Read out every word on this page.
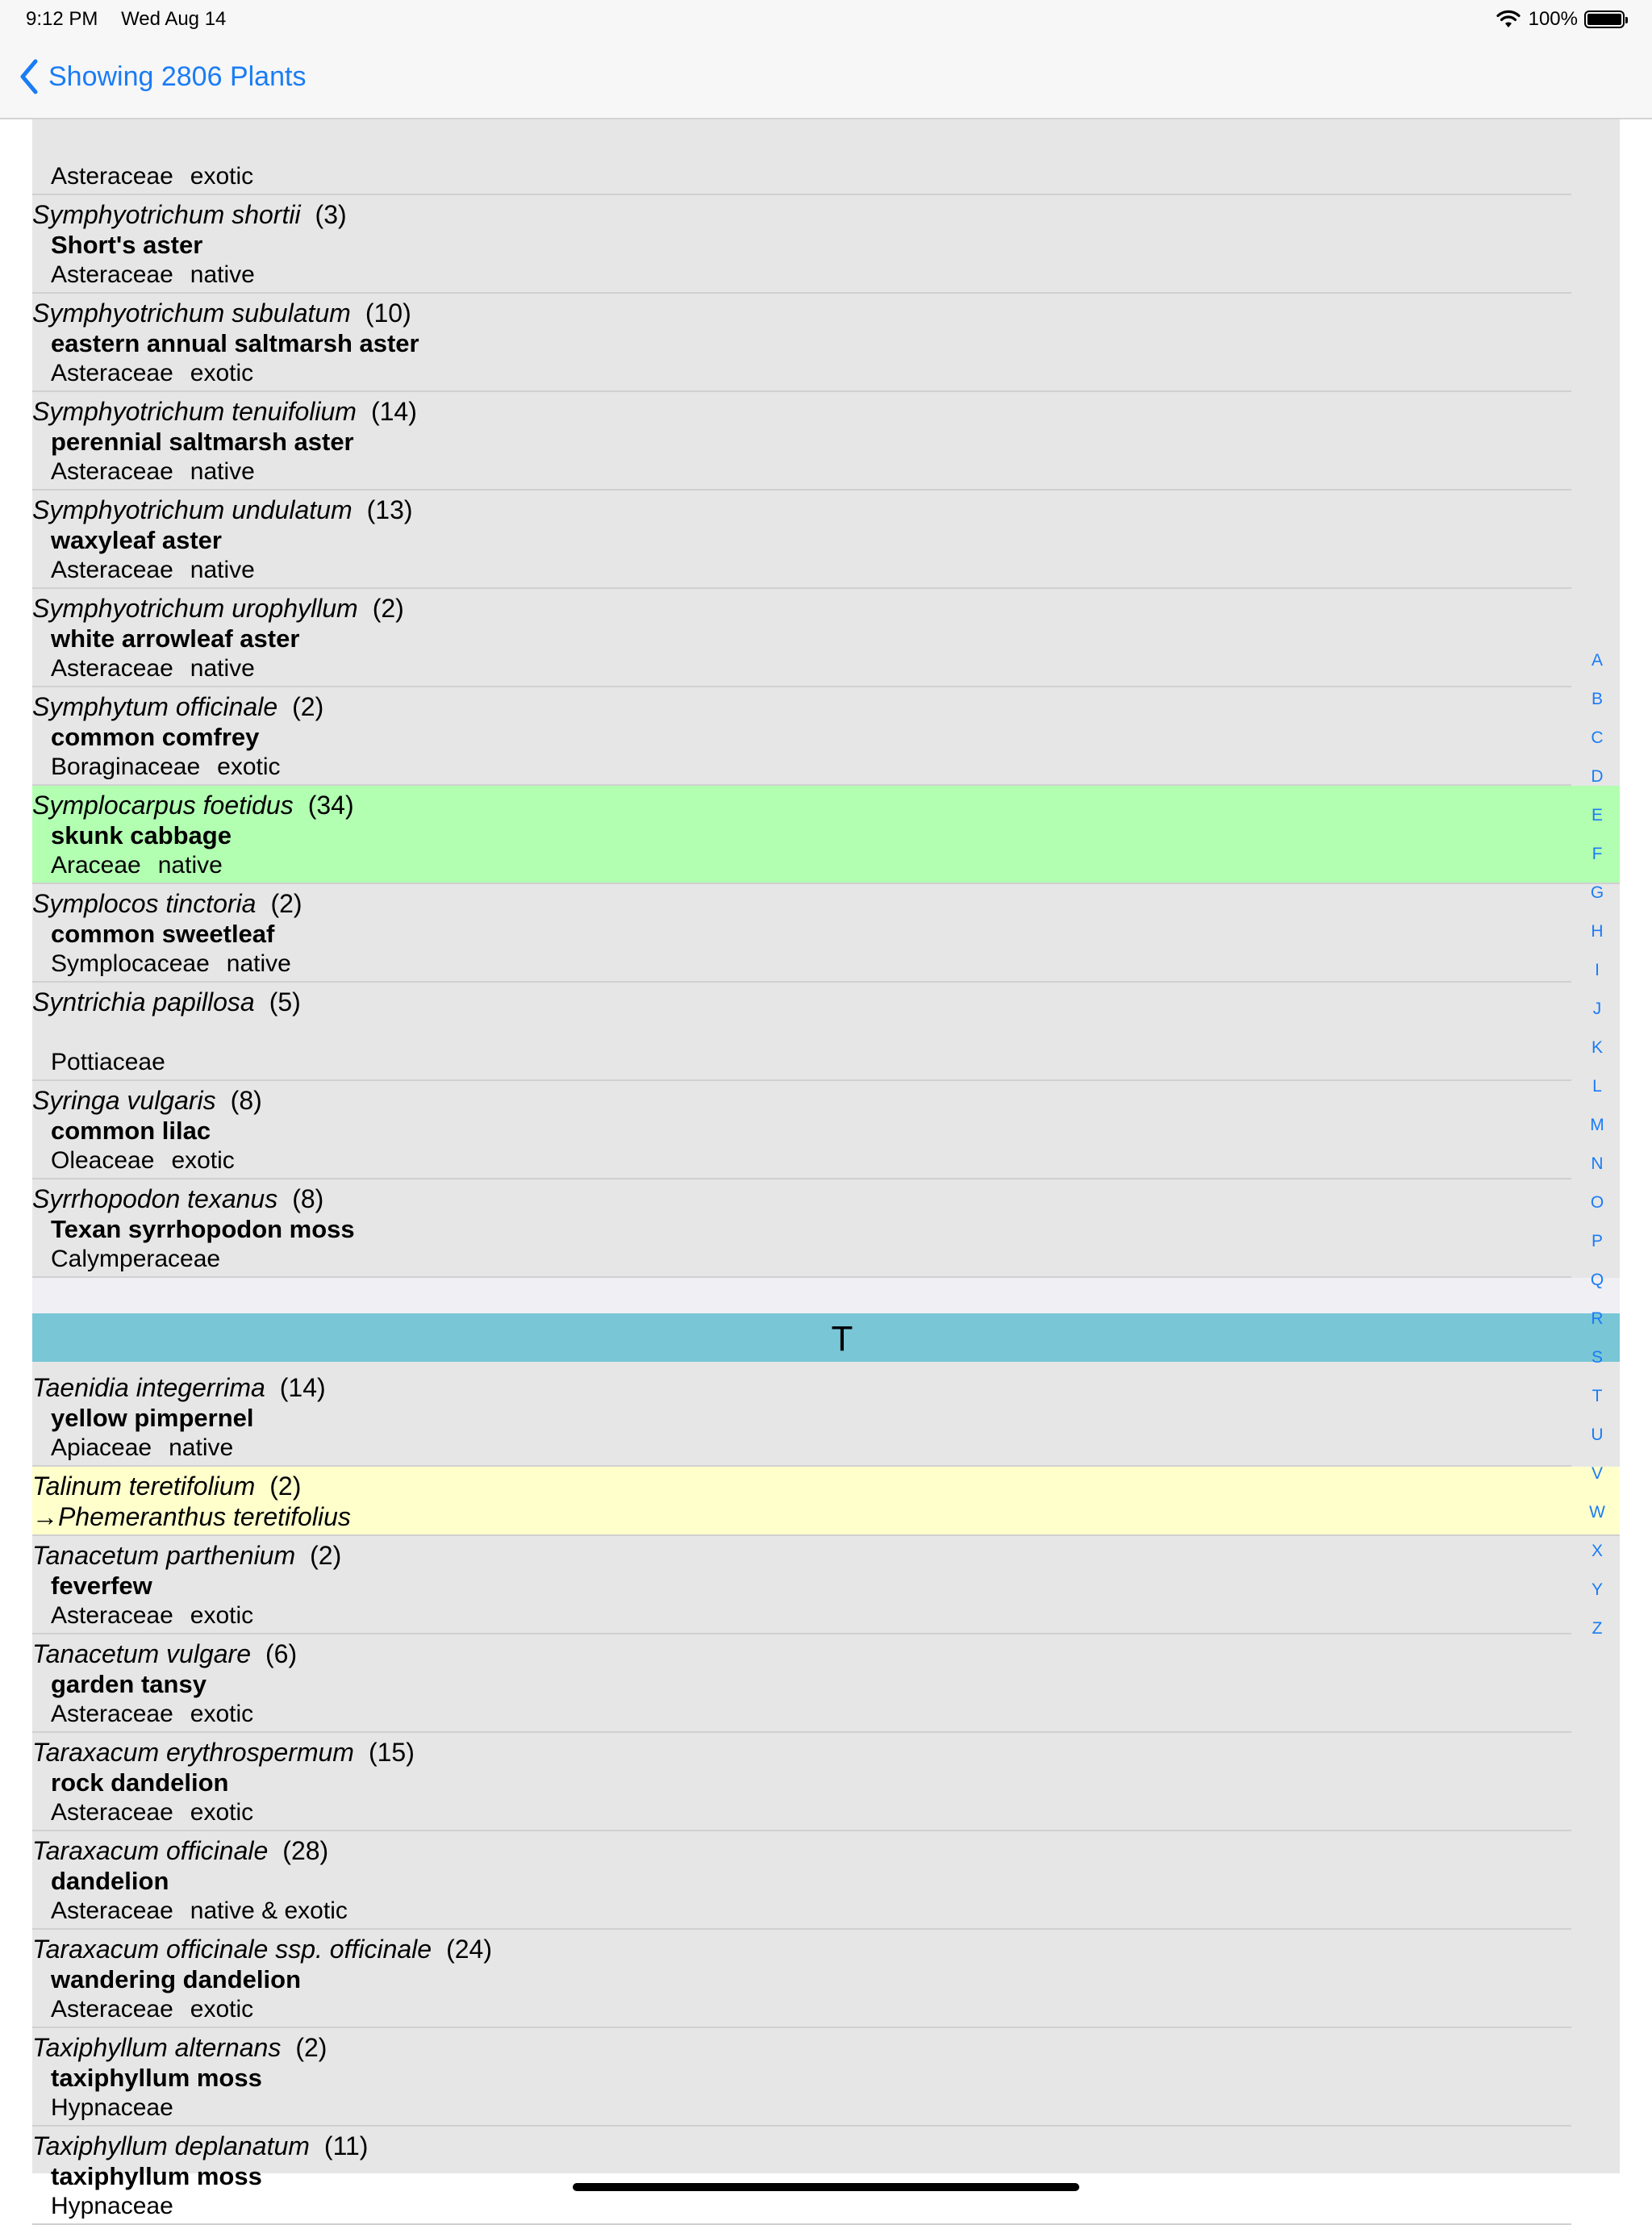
9:12 PM Wed Aug 14	100%
Showing 2806 Plants
Asteraceae exotic
Symphyotrichum shortii (3)
Short's aster
Asteraceae native
Symphyotrichum subulatum (10)
eastern annual saltmarsh aster
Asteraceae exotic
Symphyotrichum tenuifolium (14)
perennial saltmarsh aster
Asteraceae native
Symphyotrichum undulatum (13)
waxyleaf aster
Asteraceae native
Symphyotrichum urophyllum (2)
white arrowleaf aster
Asteraceae native
Symphytum officinale (2)
common comfrey
Boraginaceae exotic
Symplocarpus foetidus (34)
skunk cabbage
Araceae native
Symplocos tinctoria (2)
common sweetleaf
Symplocaceae native
Syntrichia papillosa (5)
Pottiaceae
Syringa vulgaris (8)
common lilac
Oleaceae exotic
Syrrhopodon texanus (8)
Texan syrrhopodon moss
Calymperaceae
T
Taenidia integerrima (14)
yellow pimpernel
Apiaceae native
Talinum teretifolium (2)
→Phemeranthus teretifolius
Tanacetum parthenium (2)
feverfew
Asteraceae exotic
Tanacetum vulgare (6)
garden tansy
Asteraceae exotic
Taraxacum erythrospermum (15)
rock dandelion
Asteraceae exotic
Taraxacum officinale (28)
dandelion
Asteraceae native & exotic
Taraxacum officinale ssp. officinale (24)
wandering dandelion
Asteraceae exotic
Taxiphyllum alternans (2)
taxiphyllum moss
Hypnaceae
Taxiphyllum deplanatum (11)
taxiphyllum moss
Hypnaceae
A
B
C
D
E
F
G
H
I
J
K
L
M
N
O
P
Q
R
S
T
U
V
W
X
Y
Z
